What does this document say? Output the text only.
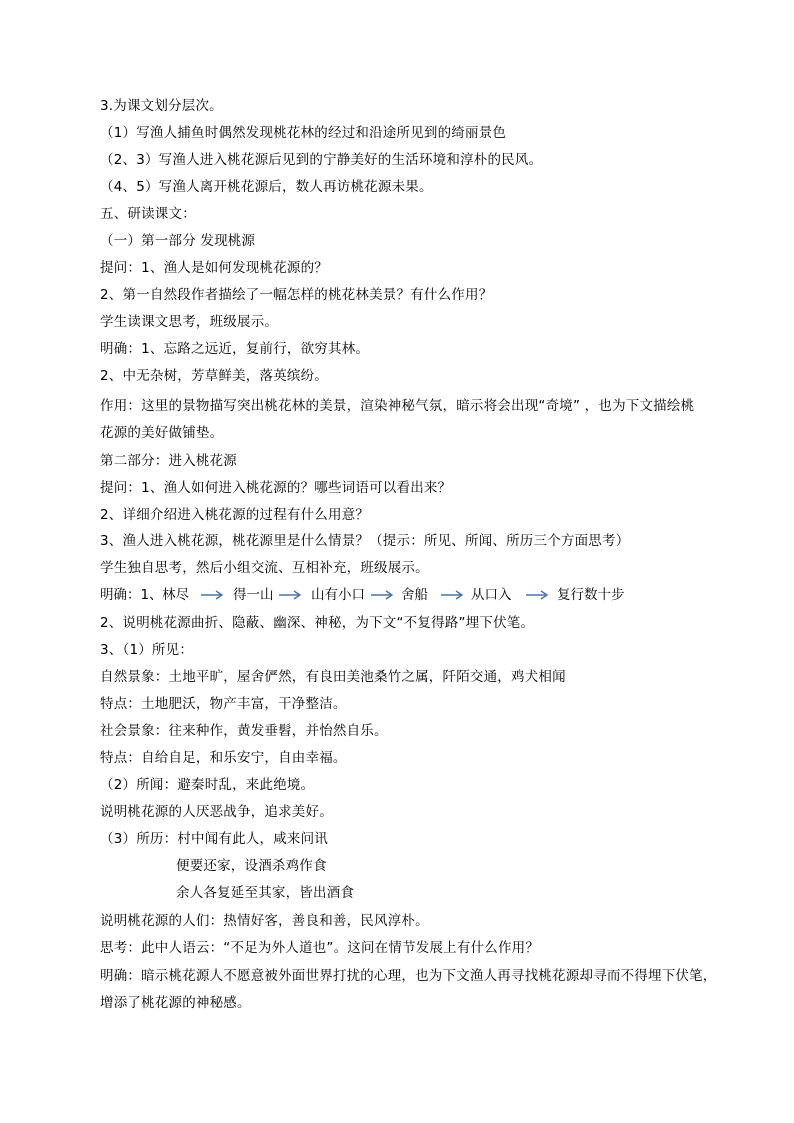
3.为课文划分层次。
（1）写渔人捕鱼时偶然发现桃花林的经过和沿途所见到的绮丽景色
（2、3）写渔人进入桃花源后见到的宁静美好的生活环境和淳朴的民风。
（4、5）写渔人离开桃花源后，数人再访桃花源未果。
五、研读课文：
（一）第一部分 发现桃源
提问：1、渔人是如何发现桃花源的？
2、第一自然段作者描绘了一幅怎样的桃花林美景？有什么作用？
学生读课文思考，班级展示。
明确：1、忘路之远近，复前行，欲穷其林。
2、中无杂树，芳草鲜美，落英缤纷。
作用：这里的景物描写突出桃花林的美景，渲染神秘气氛，暗示将会出现“奇境” ，也为下文描绘桃
花源的美好做铺垫。
第二部分：进入桃花源
提问：1、渔人如何进入桃花源的？哪些词语可以看出来？
2、详细介绍进入桃花源的过程有什么用意？
3、渔人进入桃花源，桃花源里是什么情景？（提示：所见、所闻、所历三个方面思考）
学生独自思考，然后小组交流、互相补充，班级展示。
明确：1、 林尽	得一山	山有小口	舍船	从口入	复行数十步
2、说明桃花源曲折、隐蔽、幽深、神秘，为下文“不复得路”埋下伏笔。
3、（1）所见：
自然景象：土地平旷，屋舍俨然，有良田美池桑竹之属，阡陌交通，鸡犬相闻
特点：土地肥沃，物产丰富，干净整洁。
社会景象：往来种作，黄发垂髫，并怡然自乐。
特点：自给自足，和乐安宁，自由幸福。
（2）所闻：避秦时乱，来此绝境。
说明桃花源的人厌恶战争，追求美好。
（3）所历：村中闻有此人，咸来问讯
便要还家，设酒杀鸡作食
余人各复延至其家，皆出酒食
说明桃花源的人们：热情好客，善良和善，民风淳朴。
思考：此中人语云：“不足为外人道也”。这问在情节发展上有什么作用？
明确：暗示桃花源人不愿意被外面世界打扰的心理，也为下文渔人再寻找桃花源却寻而不得埋下伏笔，
增添了桃花源的神秘感。
